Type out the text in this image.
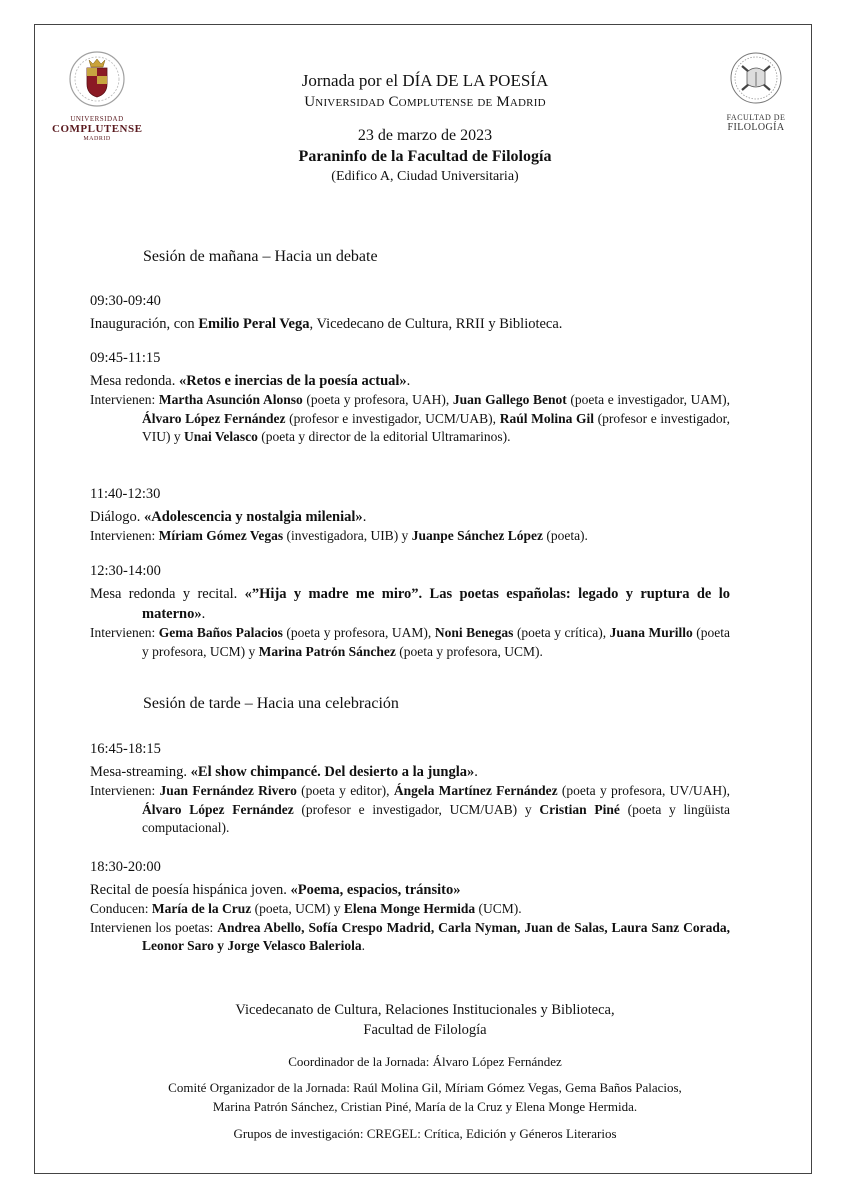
UNIVERSIDAD
COMPLUTENSE
MADRID
FACULTAD DE
FILOLOGÍA
Jornada por el DÍA DE LA POESÍA
Universidad Complutense de Madrid
23 de marzo de 2023
Paraninfo de la Facultad de Filología
(Edifico A, Ciudad Universitaria)
Sesión de mañana – Hacia un debate
09:30-09:40
Inauguración, con Emilio Peral Vega, Vicedecano de Cultura, RRII y Biblioteca.
09:45-11:15
Mesa redonda. «Retos e inercias de la poesía actual».
Intervienen: Martha Asunción Alonso (poeta y profesora, UAH), Juan Gallego Benot (poeta e investigador, UAM), Álvaro López Fernández (profesor e investigador, UCM/UAB), Raúl Molina Gil (profesor e investigador, VIU) y Unai Velasco (poeta y director de la editorial Ultramarinos).
11:40-12:30
Diálogo. «Adolescencia y nostalgia milenial».
Intervienen: Míriam Gómez Vegas (investigadora, UIB) y Juanpe Sánchez López (poeta).
12:30-14:00
Mesa redonda y recital. «”Hija y madre me miro”. Las poetas españolas: legado y ruptura de lo materno».
Intervienen: Gema Baños Palacios (poeta y profesora, UAM), Noni Benegas (poeta y crítica), Juana Murillo (poeta y profesora, UCM) y Marina Patrón Sánchez (poeta y profesora, UCM).
Sesión de tarde – Hacia una celebración
16:45-18:15
Mesa-streaming. «El show chimpancé. Del desierto a la jungla».
Intervienen: Juan Fernández Rivero (poeta y editor), Ángela Martínez Fernández (poeta y profesora, UV/UAH), Álvaro López Fernández (profesor e investigador, UCM/UAB) y Cristian Piné (poeta y lingüista computacional).
18:30-20:00
Recital de poesía hispánica joven. «Poema, espacios, tránsito»
Conducen: María de la Cruz (poeta, UCM) y Elena Monge Hermida (UCM).
Intervienen los poetas: Andrea Abello, Sofía Crespo Madrid, Carla Nyman, Juan de Salas, Laura Sanz Corada, Leonor Saro y Jorge Velasco Baleriola.
Vicedecanato de Cultura, Relaciones Institucionales y Biblioteca,
Facultad de Filología
Coordinador de la Jornada: Álvaro López Fernández
Comité Organizador de la Jornada: Raúl Molina Gil, Míriam Gómez Vegas, Gema Baños Palacios,
Marina Patrón Sánchez, Cristian Piné, María de la Cruz y Elena Monge Hermida.
Grupos de investigación: CREGEL: Crítica, Edición y Géneros Literarios
